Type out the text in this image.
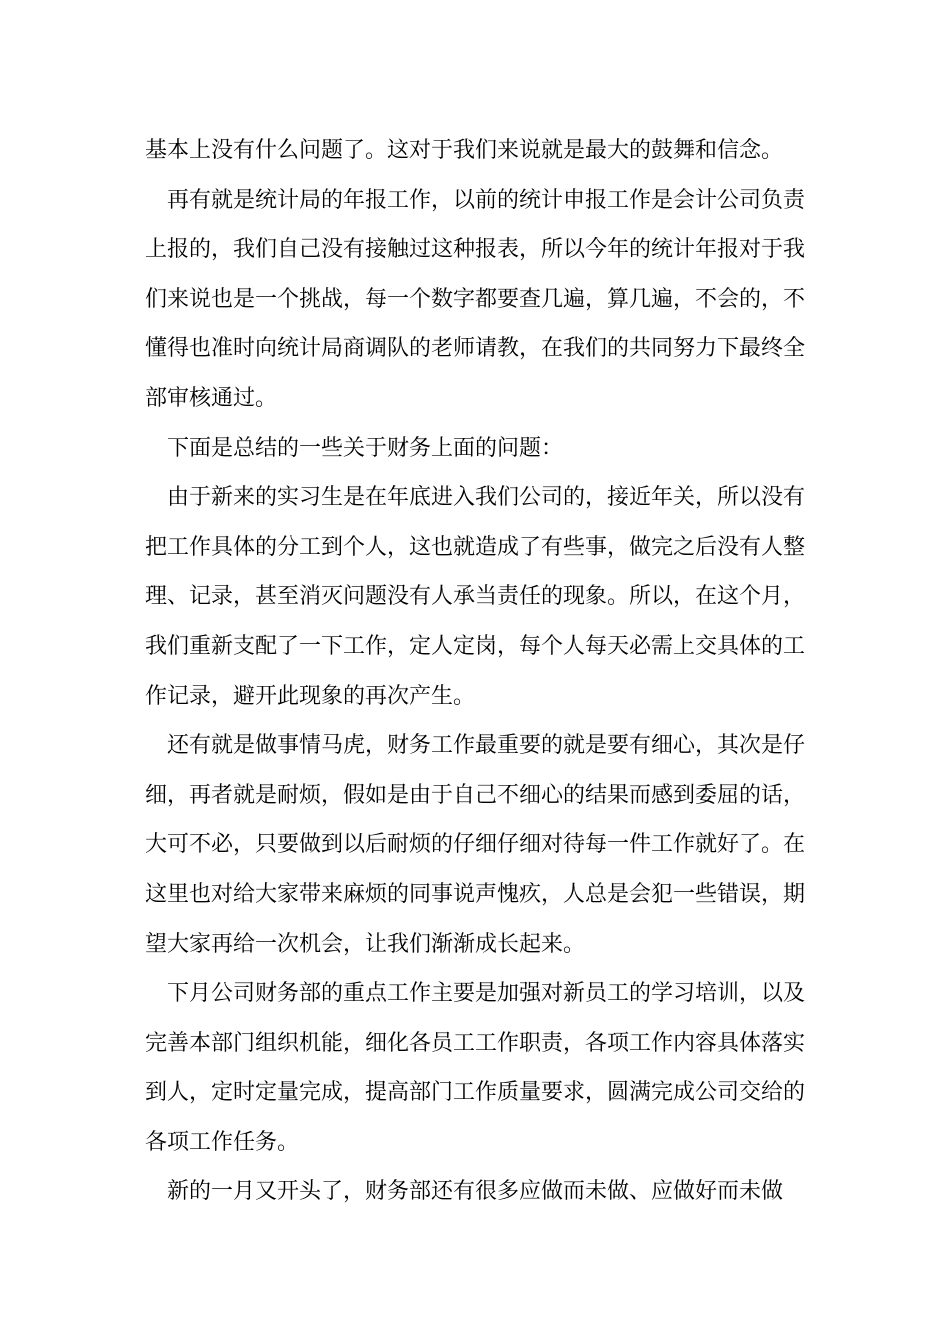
基本上没有什么问题了。这对于我们来说就是最大的鼓舞和信念。

再有就是统计局的年报工作，以前的统计申报工作是会计公司负责上报的，我们自己没有接触过这种报表，所以今年的统计年报对于我们来说也是一个挑战，每一个数字都要查几遍，算几遍，不会的，不懂得也准时向统计局商调队的老师请教，在我们的共同努力下最终全部审核通过。

下面是总结的一些关于财务上面的问题：

由于新来的实习生是在年底进入我们公司的，接近年关，所以没有把工作具体的分工到个人，这也就造成了有些事，做完之后没有人整理、记录，甚至消灭问题没有人承当责任的现象。所以，在这个月，我们重新支配了一下工作，定人定岗，每个人每天必需上交具体的工作记录，避开此现象的再次产生。

还有就是做事情马虎，财务工作最重要的就是要有细心，其次是仔细，再者就是耐烦，假如是由于自己不细心的结果而感到委屈的话，大可不必，只要做到以后耐烦的仔细仔细对待每一件工作就好了。在这里也对给大家带来麻烦的同事说声愧疚，人总是会犯一些错误，期望大家再给一次机会，让我们渐渐成长起来。

下月公司财务部的重点工作主要是加强对新员工的学习培训，以及完善本部门组织机能，细化各员工工作职责，各项工作内容具体落实到人，定时定量完成，提高部门工作质量要求，圆满完成公司交给的各项工作任务。

新的一月又开头了，财务部还有很多应做而未做、应做好而未做
